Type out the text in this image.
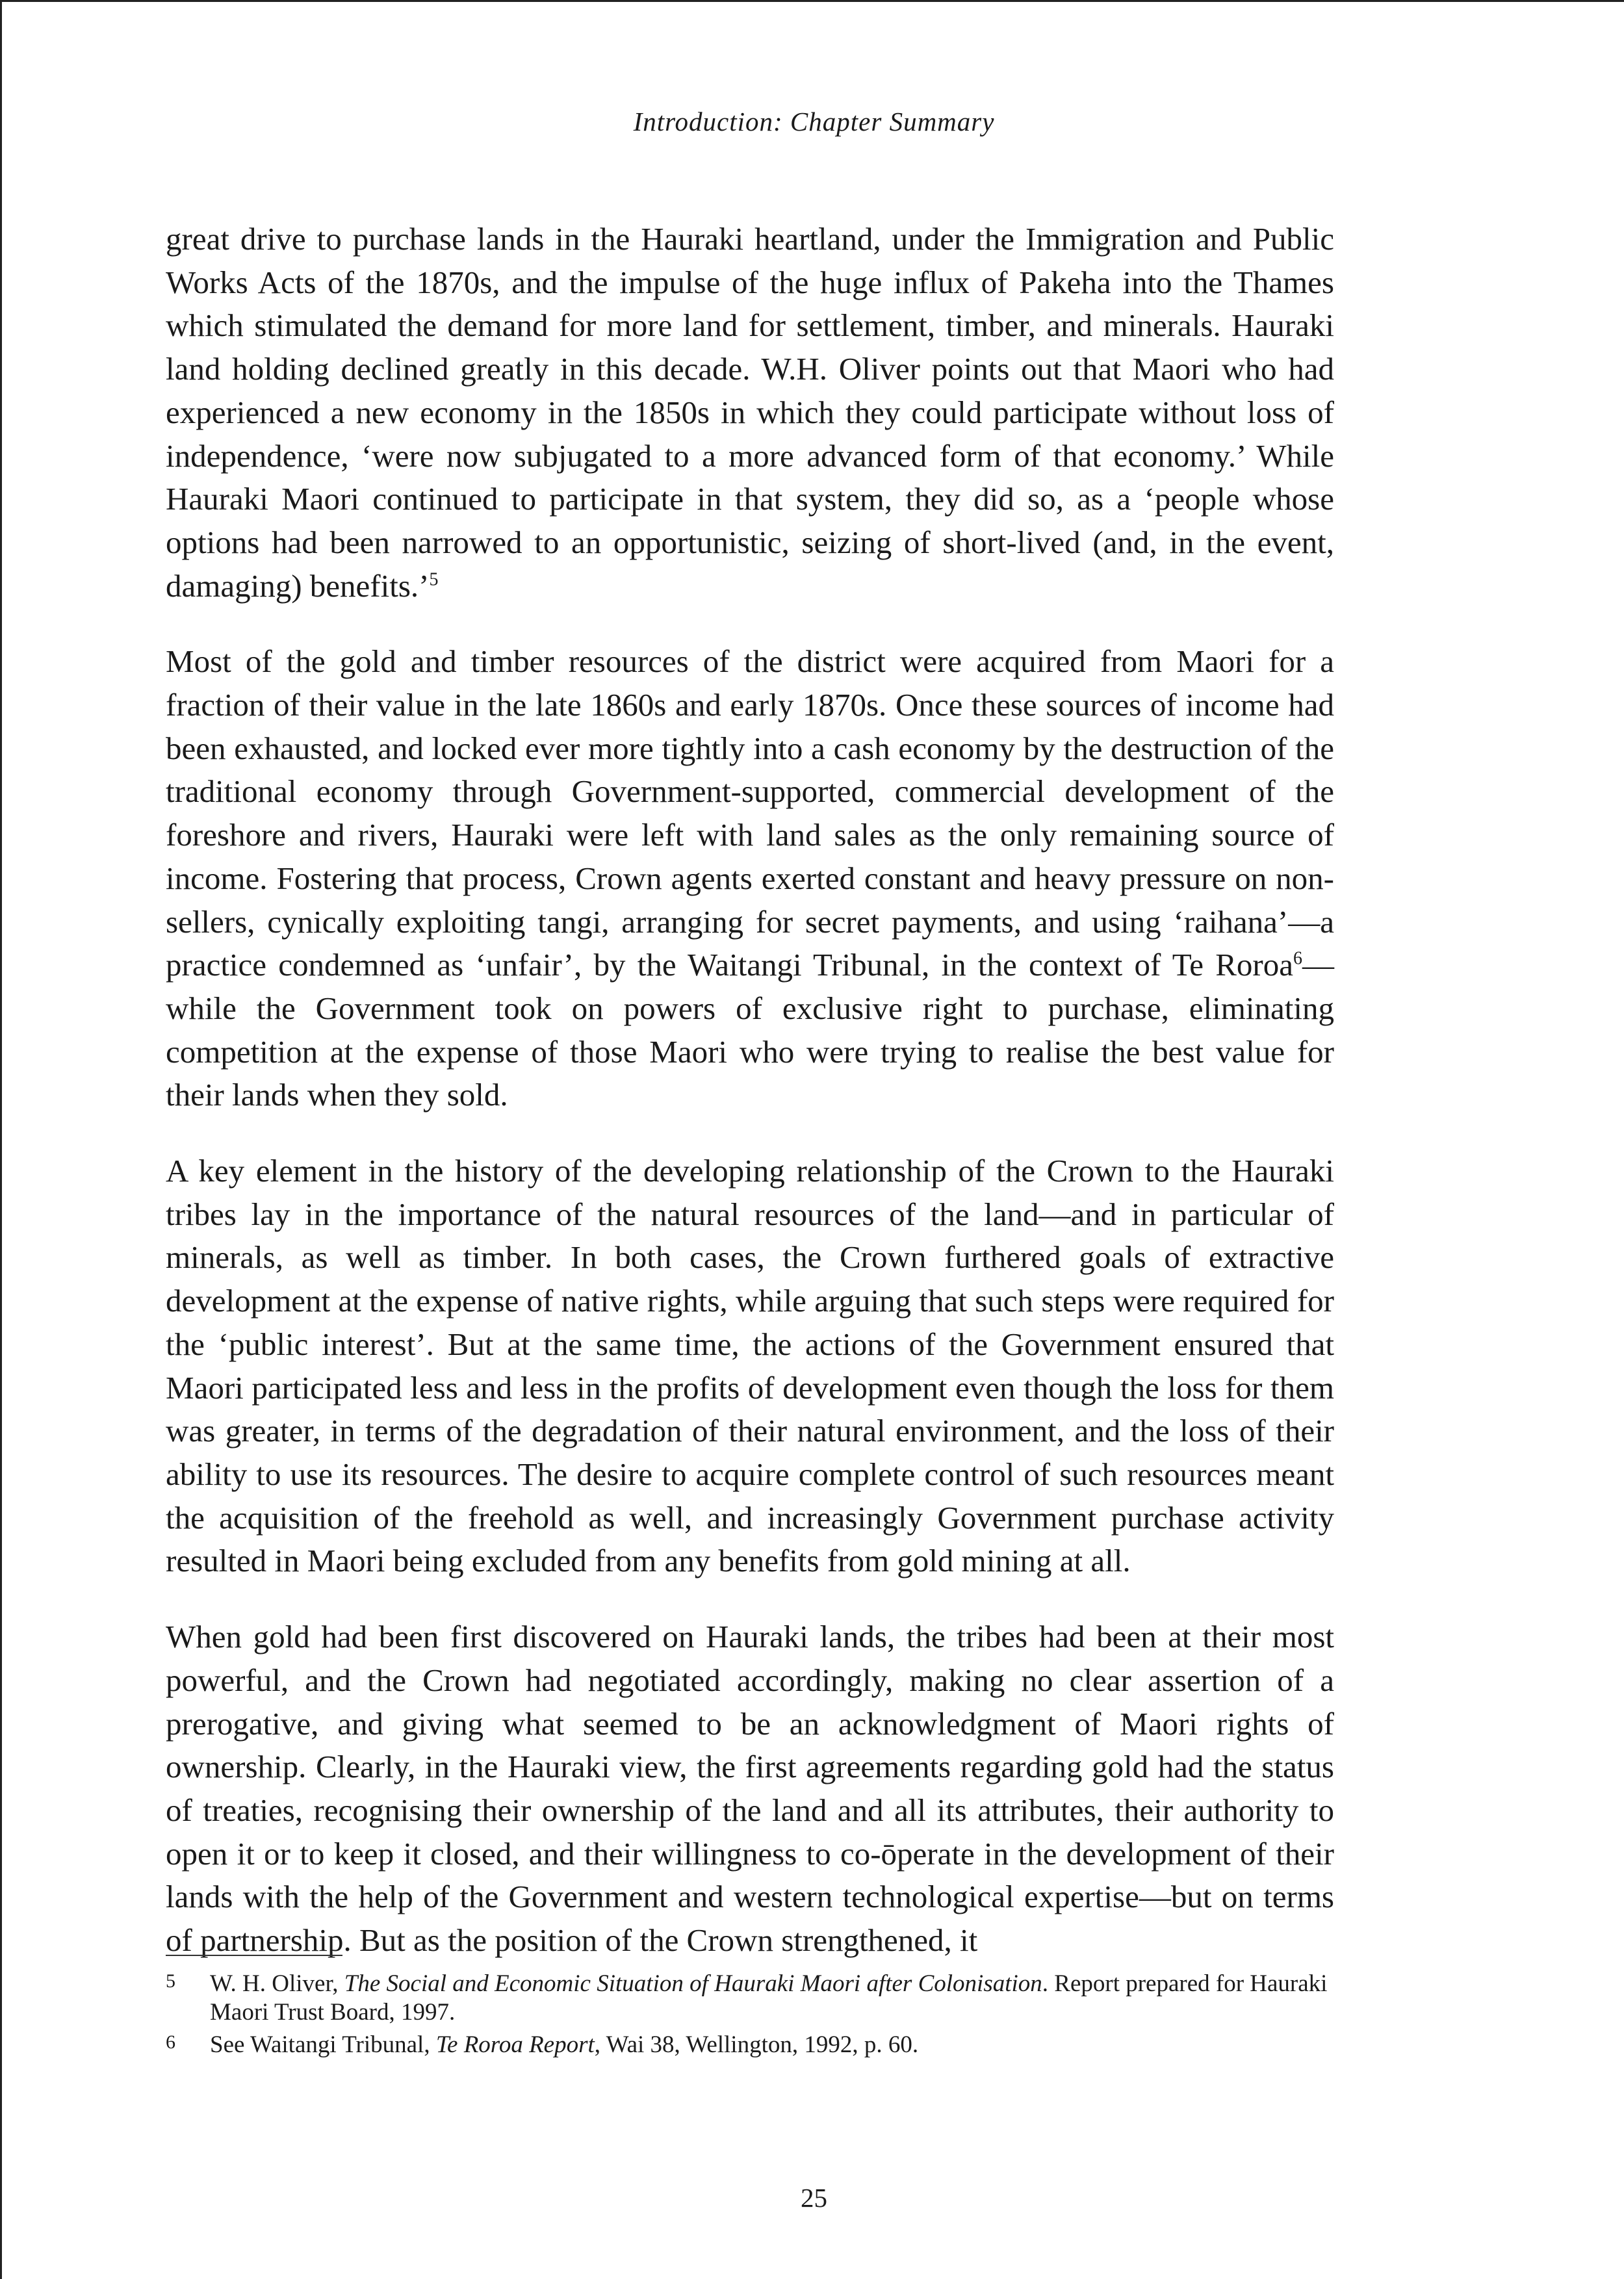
Introduction: Chapter Summary

great drive to purchase lands in the Hauraki heartland, under the Immigration and Public Works Acts of the 1870s, and the impulse of the huge influx of Pakeha into the Thames which stimulated the demand for more land for settlement, timber, and minerals. Hauraki land holding declined greatly in this decade. W.H. Oliver points out that Maori who had experienced a new economy in the 1850s in which they could participate without loss of independence, ‘were now subjugated to a more advanced form of that economy.’ While Hauraki Maori continued to participate in that system, they did so, as a ‘people whose options had been narrowed to an opportunistic, seizing of short-lived (and, in the event, damaging) benefits.’$^5$

Most of the gold and timber resources of the district were acquired from Maori for a fraction of their value in the late 1860s and early 1870s. Once these sources of income had been exhausted, and locked ever more tightly into a cash economy by the destruction of the traditional economy through Government-supported, commercial development of the foreshore and rivers, Hauraki were left with land sales as the only remaining source of income. Fostering that process, Crown agents exerted constant and heavy pressure on non-sellers, cynically exploiting tangi, arranging for secret payments, and using ‘raihana’—a practice condemned as ‘unfair’, by the Waitangi Tribunal, in the context of Te Roroa$^6$—while the Government took on powers of exclusive right to purchase, eliminating competition at the expense of those Maori who were trying to realise the best value for their lands when they sold.

A key element in the history of the developing relationship of the Crown to the Hauraki tribes lay in the importance of the natural resources of the land—and in particular of minerals, as well as timber. In both cases, the Crown furthered goals of extractive development at the expense of native rights, while arguing that such steps were required for the ‘public interest’. But at the same time, the actions of the Government ensured that Maori participated less and less in the profits of development even though the loss for them was greater, in terms of the degradation of their natural environment, and the loss of their ability to use its resources. The desire to acquire complete control of such resources meant the acquisition of the freehold as well, and increasingly Government purchase activity resulted in Maori being excluded from any benefits from gold mining at all.

When gold had been first discovered on Hauraki lands, the tribes had been at their most powerful, and the Crown had negotiated accordingly, making no clear assertion of a prerogative, and giving what seemed to be an acknowledgment of Maori rights of ownership. Clearly, in the Hauraki view, the first agreements regarding gold had the status of treaties, recognising their ownership of the land and all its attributes, their authority to open it or to keep it closed, and their willingness to co-ōperate in the development of their lands with the help of the Government and western technological expertise—but on terms of partnership. But as the position of the Crown strengthened, it

5 W. H. Oliver, The Social and Economic Situation of Hauraki Maori after Colonisation. Report prepared for Hauraki Maori Trust Board, 1997.
6 See Waitangi Tribunal, Te Roroa Report, Wai 38, Wellington, 1992, p. 60.
25
